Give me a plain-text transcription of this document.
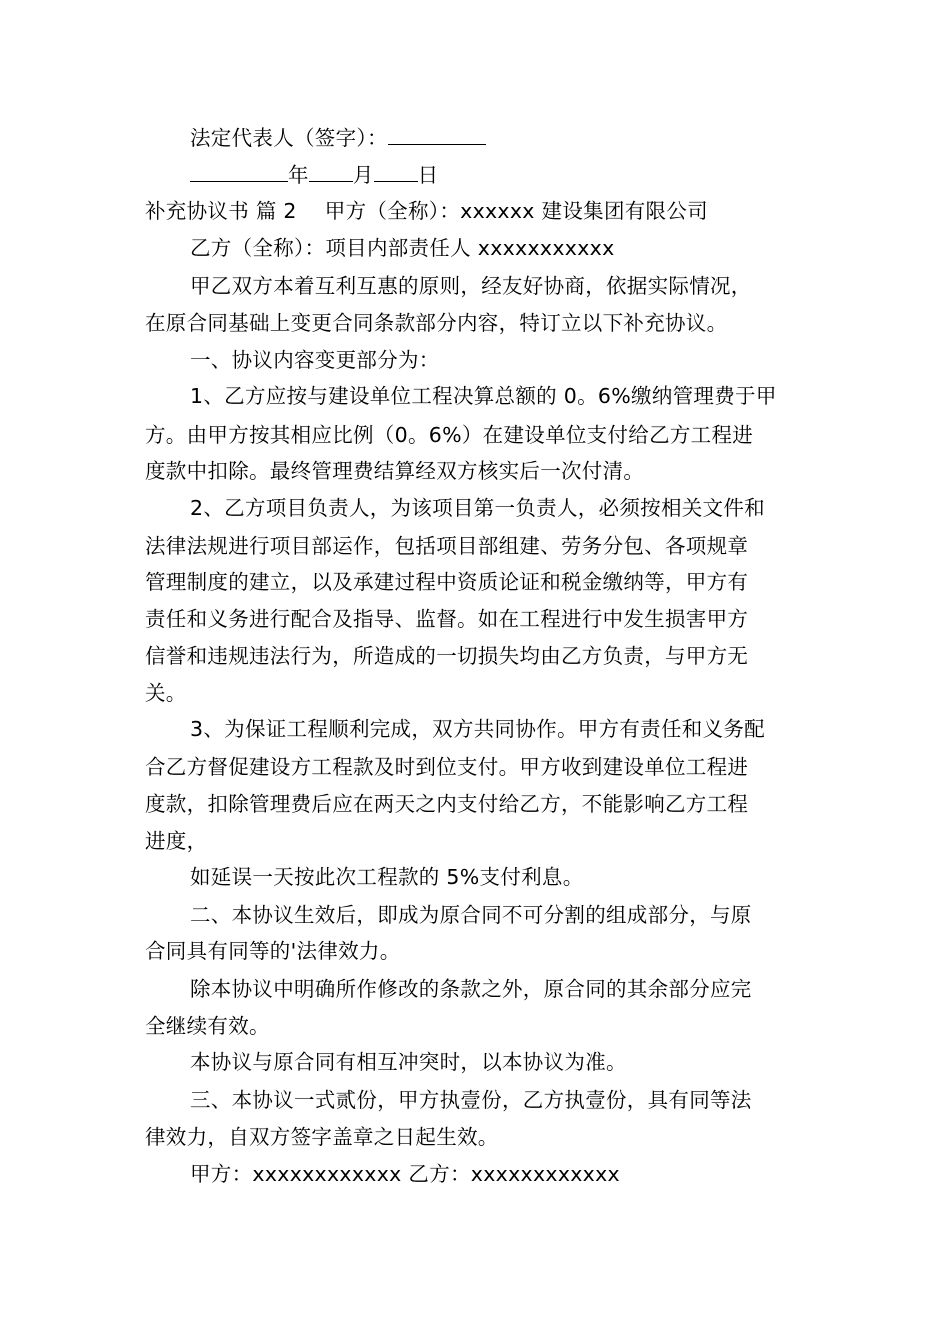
法定代表人（签字）：
年 月 日
补充协议书 篇 2 甲方（全称）：xxxxxx 建设集团有限公司
乙方（全称）：项目内部责任人 xxxxxxxxxxx
甲乙双方本着互利互惠的原则，经友好协商，依据实际情况，
在原合同基础上变更合同条款部分内容，特订立以下补充协议。
一、协议内容变更部分为：
1、乙方应按与建设单位工程决算总额的 0。6%缴纳管理费于甲
方。由甲方按其相应比例（0。6%）在建设单位支付给乙方工程进
度款中扣除。最终管理费结算经双方核实后一次付清。
2、乙方项目负责人，为该项目第一负责人，必须按相关文件和
法律法规进行项目部运作，包括项目部组建、劳务分包、各项规章
管理制度的建立，以及承建过程中资质论证和税金缴纳等，甲方有
责任和义务进行配合及指导、监督。如在工程进行中发生损害甲方
信誉和违规违法行为，所造成的一切损失均由乙方负责，与甲方无
关。
3、为保证工程顺利完成，双方共同协作。甲方有责任和义务配
合乙方督促建设方工程款及时到位支付。甲方收到建设单位工程进
度款，扣除管理费后应在两天之内支付给乙方，不能影响乙方工程
进度，
如延误一天按此次工程款的 5%支付利息。
二、本协议生效后，即成为原合同不可分割的组成部分，与原
合同具有同等的'法律效力。
除本协议中明确所作修改的条款之外，原合同的其余部分应完
全继续有效。
本协议与原合同有相互冲突时，以本协议为准。
三、本协议一式贰份，甲方执壹份，乙方执壹份，具有同等法
律效力，自双方签字盖章之日起生效。
甲方：xxxxxxxxxxxx 乙方：xxxxxxxxxxxx
